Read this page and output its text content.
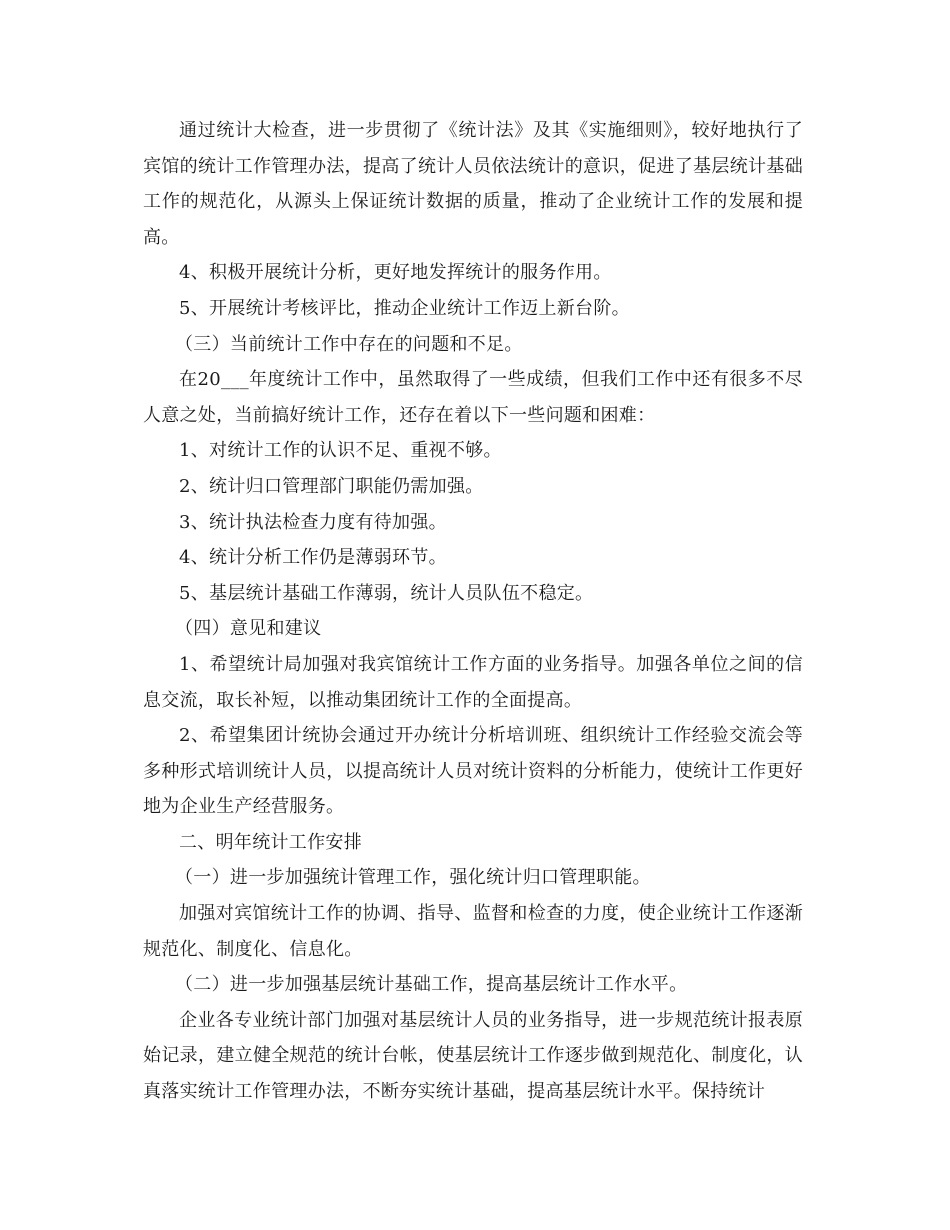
通过统计大检查，进一步贯彻了《统计法》及其《实施细则》，较好地执行了宾馆的统计工作管理办法，提高了统计人员依法统计的意识，促进了基层统计基础工作的规范化，从源头上保证统计数据的质量，推动了企业统计工作的发展和提高。

4、积极开展统计分析，更好地发挥统计的服务作用。

5、开展统计考核评比，推动企业统计工作迈上新台阶。

（三）当前统计工作中存在的问题和不足。

在20___年度统计工作中，虽然取得了一些成绩，但我们工作中还有很多不尽人意之处，当前搞好统计工作，还存在着以下一些问题和困难：

1、对统计工作的认识不足、重视不够。

2、统计归口管理部门职能仍需加强。

3、统计执法检查力度有待加强。

4、统计分析工作仍是薄弱环节。

5、基层统计基础工作薄弱，统计人员队伍不稳定。

（四）意见和建议

1、希望统计局加强对我宾馆统计工作方面的业务指导。加强各单位之间的信息交流，取长补短，以推动集团统计工作的全面提高。

2、希望集团计统协会通过开办统计分析培训班、组织统计工作经验交流会等多种形式培训统计人员，以提高统计人员对统计资料的分析能力，使统计工作更好地为企业生产经营服务。

二、明年统计工作安排

（一）进一步加强统计管理工作，强化统计归口管理职能。

加强对宾馆统计工作的协调、指导、监督和检查的力度，使企业统计工作逐渐规范化、制度化、信息化。

（二）进一步加强基层统计基础工作，提高基层统计工作水平。

企业各专业统计部门加强对基层统计人员的业务指导，进一步规范统计报表原始记录，建立健全规范的统计台帐，使基层统计工作逐步做到规范化、制度化，认真落实统计工作管理办法，不断夯实统计基础，提高基层统计水平。保持统计
